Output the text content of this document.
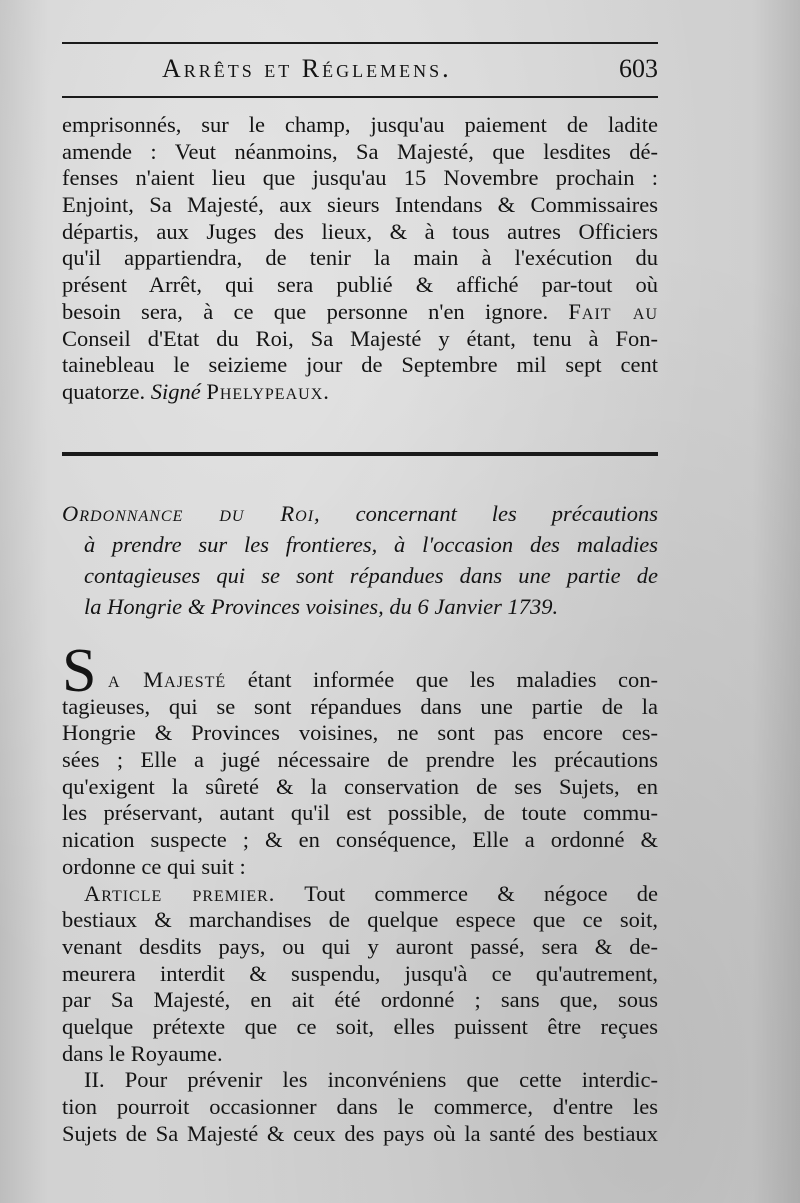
Arrêts et Réglemens.	603
emprisonnés, sur le champ, jusqu'au paiement de ladite
amende : Veut néanmoins, Sa Majesté, que lesdites dé-
fenses n'aient lieu que jusqu'au 15 Novembre prochain :
Enjoint, Sa Majesté, aux sieurs Intendans & Commissaires
départis, aux Juges des lieux, & à tous autres Officiers
qu'il appartiendra, de tenir la main à l'exécution du
présent Arrêt, qui sera publié & affiché par-tout où
besoin sera, à ce que personne n'en ignore. Fait au
Conseil d'Etat du Roi, Sa Majesté y étant, tenu à Fon-
tainebleau le seizieme jour de Septembre mil sept cent
quatorze. Signé Phelypeaux.
Ordonnance du Roi, concernant les précautions
à prendre sur les frontieres, à l'occasion des maladies
contagieuses qui se sont répandues dans une partie de
la Hongrie & Provinces voisines, du 6 Janvier 1739.
S a Majesté étant informée que les maladies con-
tagieuses, qui se sont répandues dans une partie de la
Hongrie & Provinces voisines, ne sont pas encore ces-
sées ; Elle a jugé nécessaire de prendre les précautions
qu'exigent la sûreté & la conservation de ses Sujets, en
les préservant, autant qu'il est possible, de toute commu-
nication suspecte ; & en conséquence, Elle a ordonné &
ordonne ce qui suit :
Article premier. Tout commerce & négoce de
bestiaux & marchandises de quelque espece que ce soit,
venant desdits pays, ou qui y auront passé, sera & de-
meurera interdit & suspendu, jusqu'à ce qu'autrement,
par Sa Majesté, en ait été ordonné ; sans que, sous
quelque prétexte que ce soit, elles puissent être reçues
dans le Royaume.
II. Pour prévenir les inconvéniens que cette interdic-
tion pourroit occasionner dans le commerce, d'entre les
Sujets de Sa Majesté & ceux des pays où la santé des bestiaux
